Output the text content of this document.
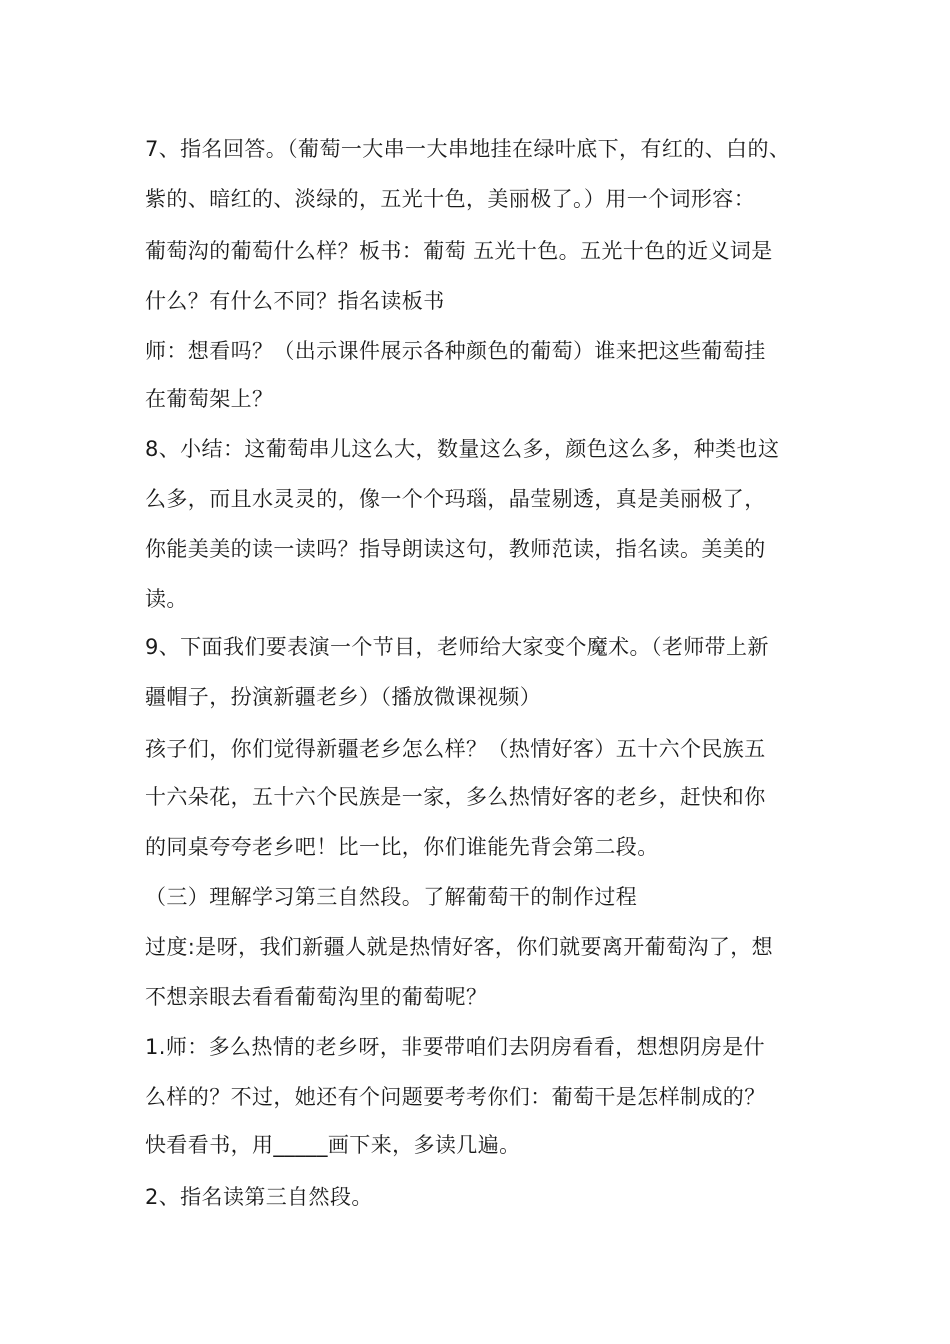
7、指名回答。（葡萄一大串一大串地挂在绿叶底下，有红的、白的、
紫的、暗红的、淡绿的，五光十色，美丽极了。）用一个词形容：
葡萄沟的葡萄什么样？板书：葡萄 五光十色。五光十色的近义词是
什么？有什么不同？指名读板书
师：想看吗？（出示课件展示各种颜色的葡萄）谁来把这些葡萄挂
在葡萄架上？
8、小结：这葡萄串儿这么大，数量这么多，颜色这么多，种类也这
么多，而且水灵灵的，像一个个玛瑙，晶莹剔透，真是美丽极了，
你能美美的读一读吗？指导朗读这句，教师范读，指名读。美美的
读。
9、下面我们要表演一个节目，老师给大家变个魔术。（老师带上新
疆帽子，扮演新疆老乡）（播放微课视频）
孩子们，你们觉得新疆老乡怎么样？（热情好客）五十六个民族五
十六朵花，五十六个民族是一家，多么热情好客的老乡，赶快和你
的同桌夸夸老乡吧！比一比，你们谁能先背会第二段。
（三）理解学习第三自然段。了解葡萄干的制作过程
过度:是呀，我们新疆人就是热情好客，你们就要离开葡萄沟了，想
不想亲眼去看看葡萄沟里的葡萄呢？
1.师：多么热情的老乡呀，非要带咱们去阴房看看，想想阴房是什
么样的？不过，她还有个问题要考考你们：葡萄干是怎样制成的？
快看看书，用_____画下来，多读几遍。
2、指名读第三自然段。
